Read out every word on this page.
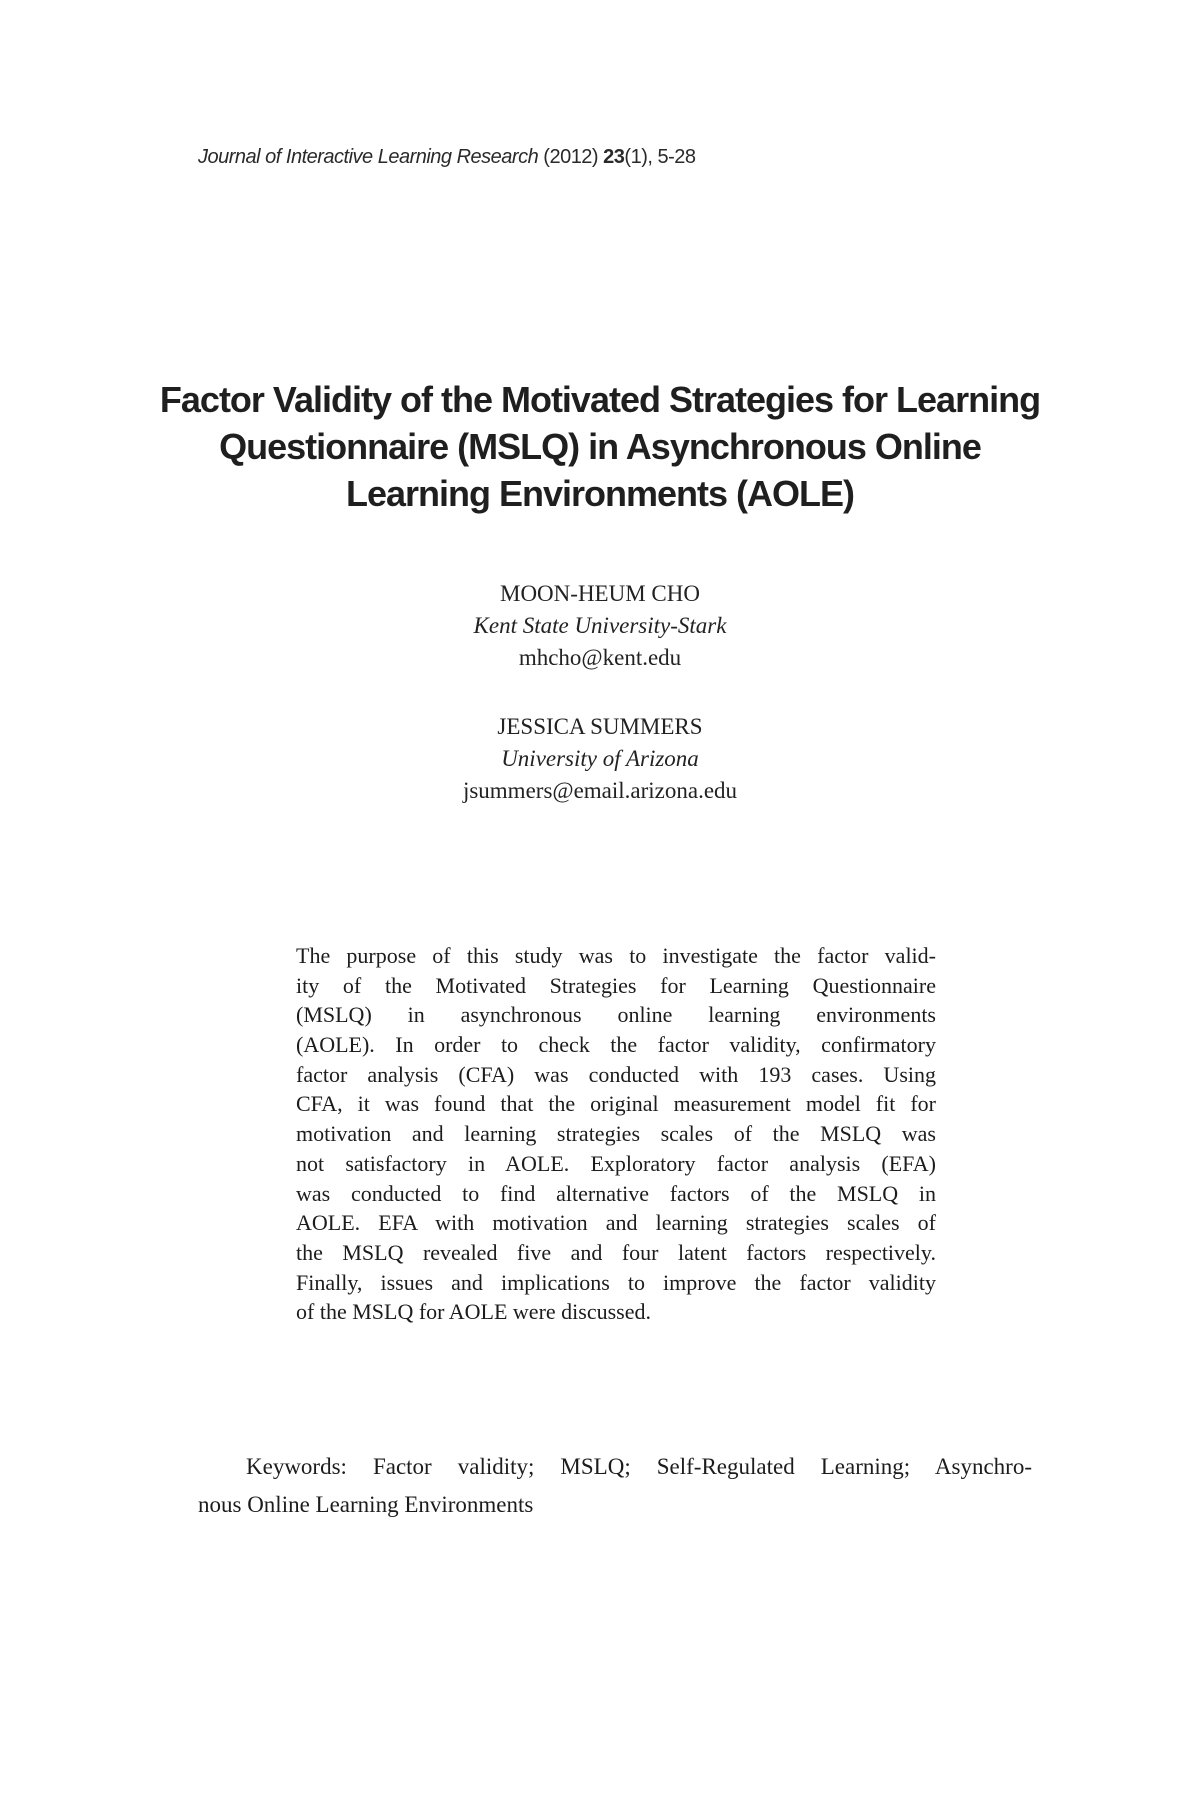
Journal of Interactive Learning Research (2012) 23(1), 5-28
Factor Validity of the Motivated Strategies for Learning
Questionnaire (MSLQ) in Asynchronous Online
Learning Environments (AOLE)
MOON-HEUM CHO
Kent State University-Stark
mhcho@kent.edu
JESSICA SUMMERS
University of Arizona
jsummers@email.arizona.edu
The purpose of this study was to investigate the factor valid-
ity of the Motivated Strategies for Learning Questionnaire
(MSLQ) in asynchronous online learning environments
(AOLE). In order to check the factor validity, confirmatory
factor analysis (CFA) was conducted with 193 cases. Using
CFA, it was found that the original measurement model fit for
motivation and learning strategies scales of the MSLQ was
not satisfactory in AOLE. Exploratory factor analysis (EFA)
was conducted to find alternative factors of the MSLQ in
AOLE. EFA with motivation and learning strategies scales of
the MSLQ revealed five and four latent factors respectively.
Finally, issues and implications to improve the factor validity
of the MSLQ for AOLE were discussed.
Keywords: Factor validity; MSLQ; Self-Regulated Learning; Asynchro-
nous Online Learning Environments
